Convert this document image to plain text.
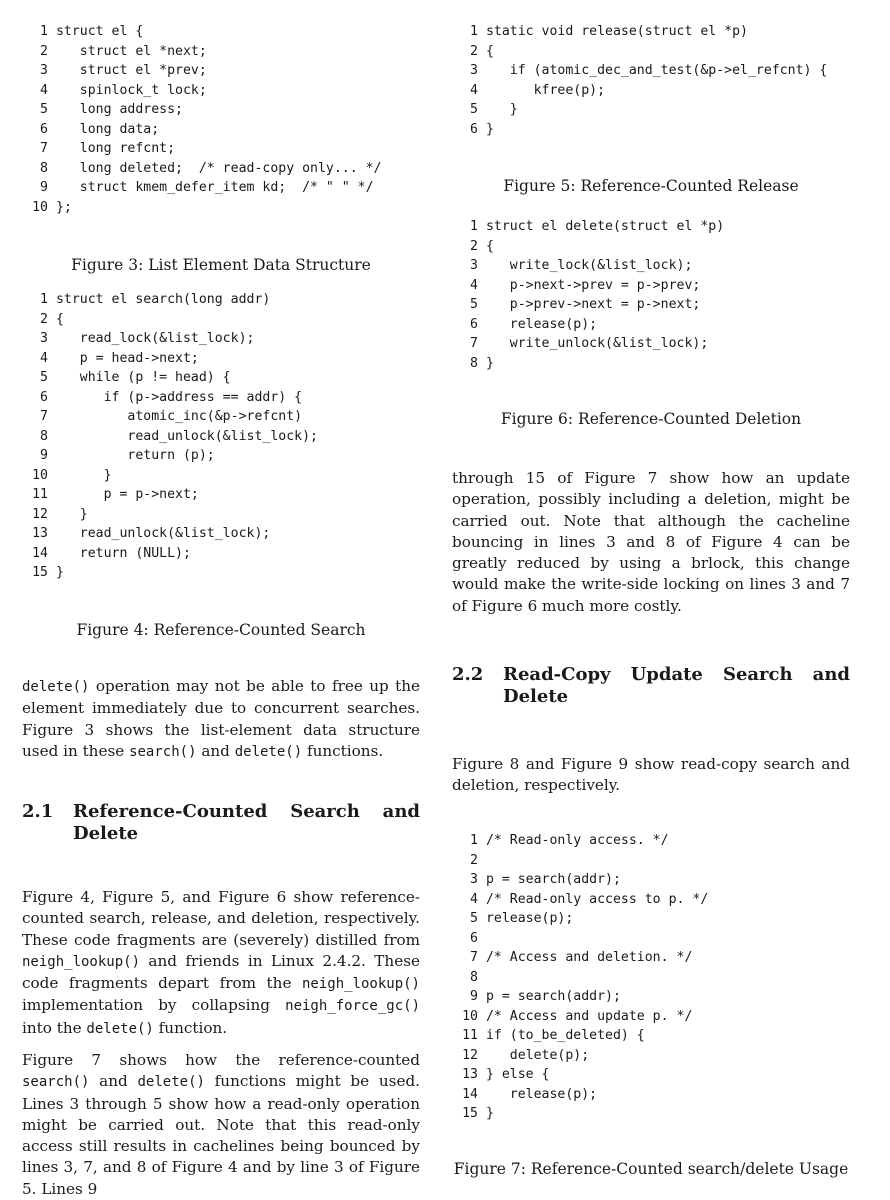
1 struct el {
2    struct el *next;
3    struct el *prev;
4    spinlock_t lock;
5    long address;
6    long data;
7    long refcnt;
8    long deleted;  /* read-copy only... */
9    struct kmem_defer_item kd;  /* " " */
10 };
Figure 3: List Element Data Structure
1 struct el search(long addr)
2 {
3    read_lock(&list_lock);
4    p = head->next;
5    while (p != head) {
6       if (p->address == addr) {
7          atomic_inc(&p->refcnt)
8          read_unlock(&list_lock);
9          return (p);
10       }
11       p = p->next;
12    }
13    read_unlock(&list_lock);
14    return (NULL);
15 }
Figure 4: Reference-Counted Search
delete() operation may not be able to free up the element immediately due to concurrent searches. Figure 3 shows the list-element data structure used in these search() and delete() functions.
2.1 Reference-Counted Search and Delete
Figure 4, Figure 5, and Figure 6 show reference-counted search, release, and deletion, respectively. These code fragments are (severely) distilled from neigh_lookup() and friends in Linux 2.4.2. These code fragments depart from the neigh_lookup() implementation by collapsing neigh_force_gc() into the delete() function.
Figure 7 shows how the reference-counted search() and delete() functions might be used. Lines 3 through 5 show how a read-only operation might be carried out. Note that this read-only access still results in cachelines being bounced by lines 3, 7, and 8 of Figure 4 and by line 3 of Figure 5. Lines 9
1 static void release(struct el *p)
2 {
3    if (atomic_dec_and_test(&p->el_refcnt) {
4       kfree(p);
5    }
6 }
Figure 5: Reference-Counted Release
1 struct el delete(struct el *p)
2 {
3    write_lock(&list_lock);
4    p->next->prev = p->prev;
5    p->prev->next = p->next;
6    release(p);
7    write_unlock(&list_lock);
8 }
Figure 6: Reference-Counted Deletion
through 15 of Figure 7 show how an update operation, possibly including a deletion, might be carried out. Note that although the cacheline bouncing in lines 3 and 8 of Figure 4 can be greatly reduced by using a brlock, this change would make the write-side locking on lines 3 and 7 of Figure 6 much more costly.
2.2 Read-Copy Update Search and Delete
Figure 8 and Figure 9 show read-copy search and deletion, respectively.
1 /* Read-only access. */
2
3 p = search(addr);
4 /* Read-only access to p. */
5 release(p);
6
7 /* Access and deletion. */
8
9 p = search(addr);
10 /* Access and update p. */
11 if (to_be_deleted) {
12    delete(p);
13 } else {
14    release(p);
15 }
Figure 7: Reference-Counted search/delete Usage
